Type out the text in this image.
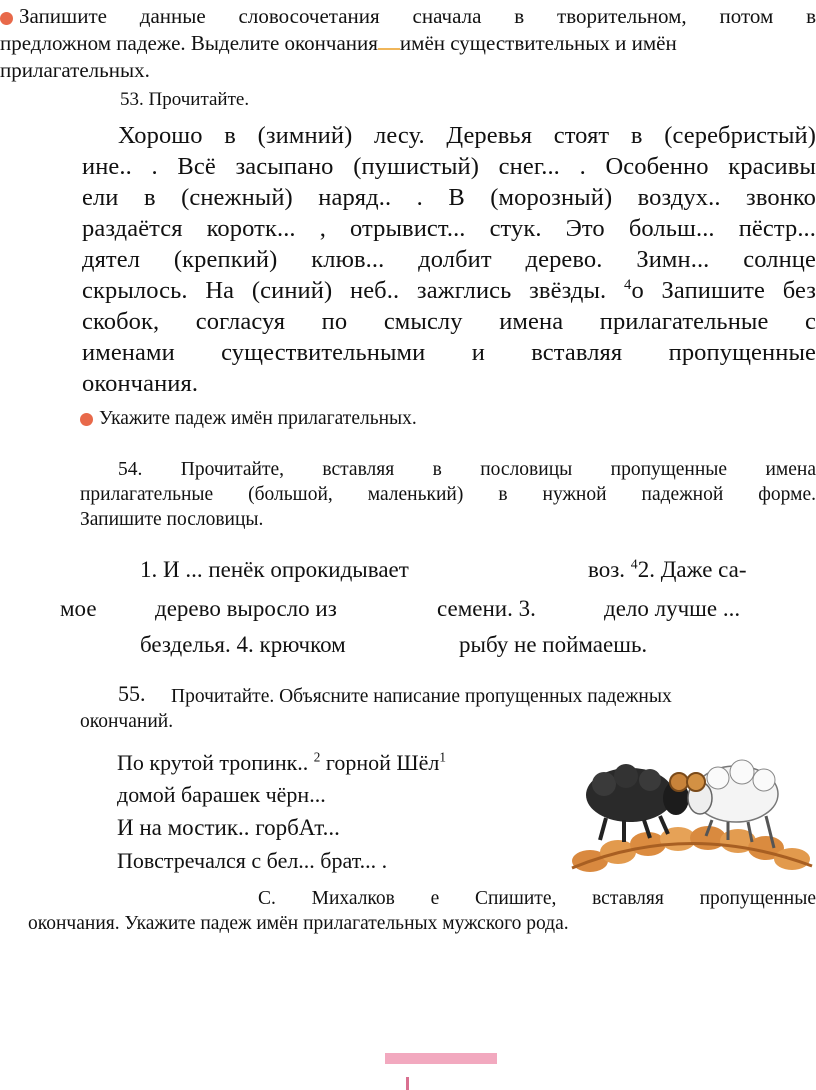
Запишите данные словосочетания сначала в творительном, потом в
предложном падеже. Выделите окончания имён существительных и имён
прилагательных.
53. Прочитайте.
Хорошо в (зимний) лесу. Деревья стоят в (серебристый)
ине.. . Всё засыпано (пушистый) снег... . Особенно красивы
ели в (снежный) наряд.. . В (морозный) воздух.. звонко
раздаётся коротк... , отрывист... стук. Это больш... пёстр...
дятел (крепкий) клюв... долбит дерево. Зимн... солнце
скрылось. На (синий) неб.. зажглись звёзды. $^4$о Запишите без
скобок, согласуя по смыслу имена прилагательные с
именами существительными и вставляя пропущенные
окончания.
Укажите падеж имён прилагательных.
54. Прочитайте, вставляя в пословицы пропущенные имена
прилагательные (большой, маленький) в нужной падежной форме.
Запишите пословицы.
1. И ... пенёк опрокидывает	воз. $^4$2. Даже са-
мое	дерево выросло из	семени. 3.	дело лучше ...
безделья. 4. крючком	рыбу не поймаешь.
55. Прочитайте. Объясните написание пропущенных падежных
окончаний.
По крутой тропинк.. $^2$ горной Шёл$^1$
домой барашек чёрн...
И на мостик.. горбАт...
Повстречался с бел... брат... .
С. Михалков е Спишите, вставляя пропущенные
окончания. Укажите падеж имён прилагательных мужского рода.
